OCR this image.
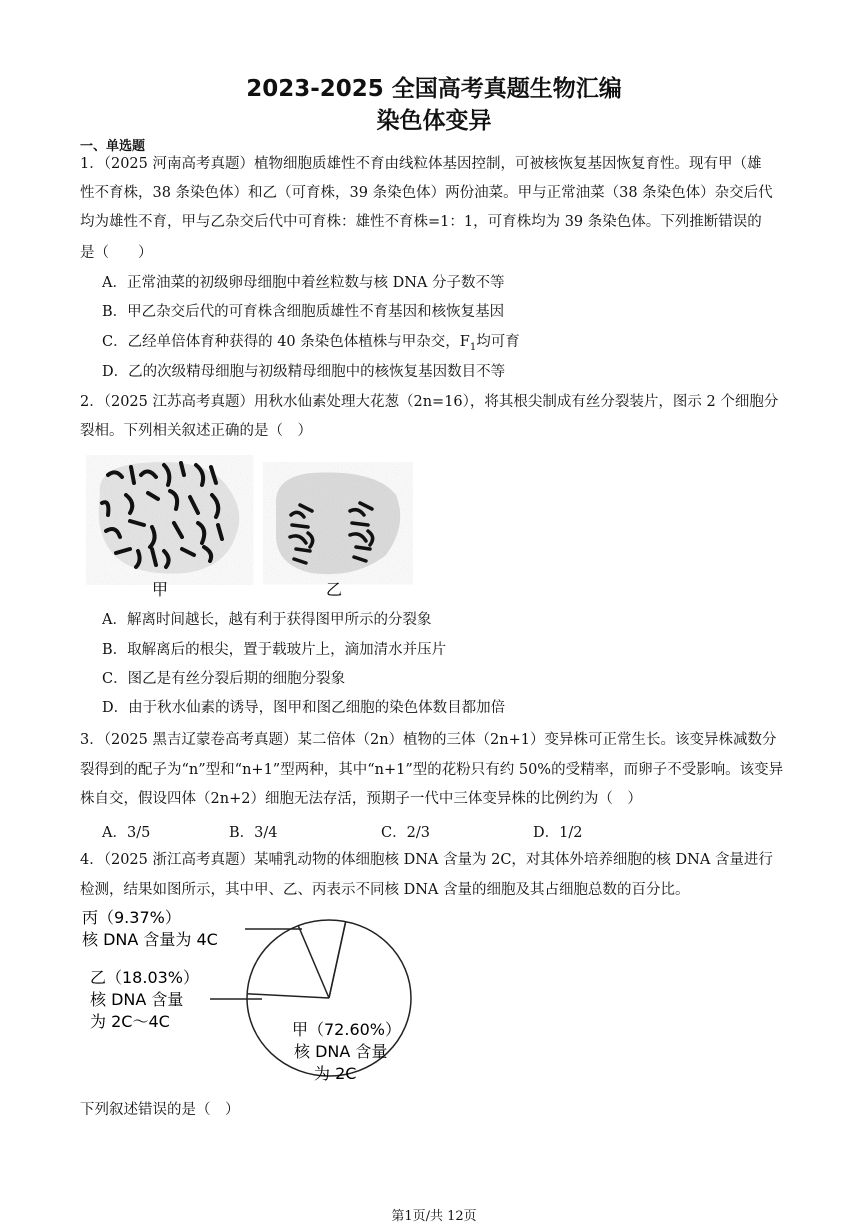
2023-2025 全国高考真题生物汇编
染色体变异
一、单选题
1．（2025 河南高考真题）植物细胞质雄性不育由线粒体基因控制，可被核恢复基因恢复育性。现有甲（雄
性不育株，38 条染色体）和乙（可育株，39 条染色体）两份油菜。甲与正常油菜（38 条染色体）杂交后代
均为雄性不育，甲与乙杂交后代中可育株：雄性不育株=1：1，可育株均为 39 条染色体。下列推断错误的
是（　　）
A．正常油菜的初级卵母细胞中着丝粒数与核 DNA 分子数不等
B．甲乙杂交后代的可育株含细胞质雄性不育基因和核恢复基因
C．乙经单倍体育种获得的 40 条染色体植株与甲杂交，$F_1$均可育
D．乙的次级精母细胞与初级精母细胞中的核恢复基因数目不等
2．（2025 江苏高考真题）用秋水仙素处理大花葱（2n=16），将其根尖制成有丝分裂装片，图示 2 个细胞分
裂相。下列相关叙述正确的是（　）
甲	乙
A．解离时间越长，越有利于获得图甲所示的分裂象
B．取解离后的根尖，置于载玻片上，滴加清水并压片
C．图乙是有丝分裂后期的细胞分裂象
D．由于秋水仙素的诱导，图甲和图乙细胞的染色体数目都加倍
3．（2025 黑吉辽蒙卷高考真题）某二倍体（2n）植物的三体（2n+1）变异株可正常生长。该变异株减数分
裂得到的配子为“n”型和“n+1”型两种，其中“n+1”型的花粉只有约 50%的受精率，而卵子不受影响。该变异
株自交，假设四体（2n+2）细胞无法存活，预期子一代中三体变异株的比例约为（　）
A．3/5	B．3/4	C．2/3	D．1/2
4．（2025 浙江高考真题）某哺乳动物的体细胞核 DNA 含量为 2C，对其体外培养细胞的核 DNA 含量进行
检测，结果如图所示，其中甲、乙、丙表示不同核 DNA 含量的细胞及其占细胞总数的百分比。
丙（9.37%）
核 DNA 含量为 4C
乙（18.03%）
核 DNA 含量
为 2C～4C	甲（72.60%）
核 DNA 含量
为 2C
下列叙述错误的是（　）
第1页/共 12页
